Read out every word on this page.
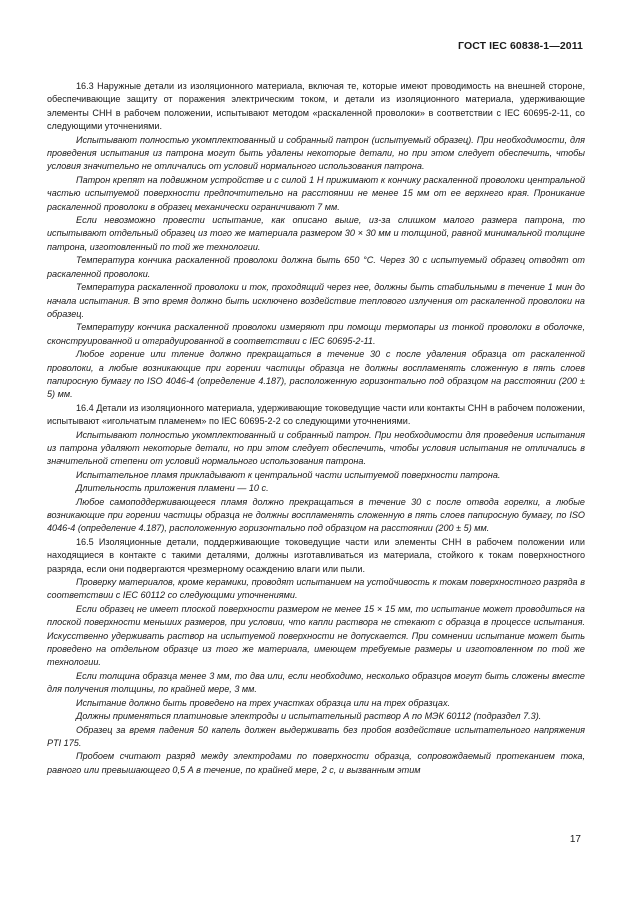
ГОСТ IEC 60838-1—2011

16.3 Наружные детали из изоляционного материала, включая те, которые имеют проводимость на внешней стороне, обеспечивающие защиту от поражения электрическим током, и детали из изоляционного материала, удерживающие элементы СНН в рабочем положении, испытывают методом «раскаленной проволоки» в соответствии с IEC 60695-2-11, со следующими уточнениями.

Испытывают полностью укомплектованный и собранный патрон (испытуемый образец). При необходимости, для проведения испытания из патрона могут быть удалены некоторые детали, но при этом следует обеспечить, чтобы условия значительно не отличались от условий нормального использования патрона.

Патрон крепят на подвижном устройстве и с силой 1 Н прижимают к кончику раскаленной проволоки центральной частью испытуемой поверхности предпочтительно на расстоянии не менее 15 мм от ее верхнего края. Проникание раскаленной проволоки в образец механически ограничивают 7 мм.

Если невозможно провести испытание, как описано выше, из-за слишком малого размера патрона, то испытывают отдельный образец из того же материала размером 30 × 30 мм и толщиной, равной минимальной толщине патрона, изготовленный по той же технологии.

Температура кончика раскаленной проволоки должна быть 650 °С. Через 30 с испытуемый образец отводят от раскаленной проволоки.

Температура раскаленной проволоки и ток, проходящий через нее, должны быть стабильными в течение 1 мин до начала испытания. В это время должно быть исключено воздействие теплового излучения от раскаленной проволоки на образец.

Температуру кончика раскаленной проволоки измеряют при помощи термопары из тонкой проволоки в оболочке, сконструированной и отградуированной в соответствии с IEC 60695-2-11.

Любое горение или тление должно прекращаться в течение 30 с после удаления образца от раскаленной проволоки, а любые возникающие при горении частицы образца не должны воспламенять сложенную в пять слоев папиросную бумагу по ISO 4046-4 (определение 4.187), расположенную горизонтально под образцом на расстоянии (200 ± 5) мм.

16.4 Детали из изоляционного материала, удерживающие токоведущие части или контакты СНН в рабочем положении, испытывают «игольчатым пламенем» по IEC 60695-2-2 со следующими уточнениями.

Испытывают полностью укомплектованный и собранный патрон. При необходимости для проведения испытания из патрона удаляют некоторые детали, но при этом следует обеспечить, чтобы условия испытания не отличались в значительной степени от условий нормального использования патрона.

Испытательное пламя прикладывают к центральной части испытуемой поверхности патрона.

Длительность приложения пламени — 10 с.

Любое самоподдерживающееся пламя должно прекращаться в течение 30 с после отвода горелки, а любые возникающие при горении частицы образца не должны воспламенять сложенную в пять слоев папиросную бумагу, по ISO 4046-4 (определение 4.187), расположенную горизонтально под образцом на расстоянии (200 ± 5) мм.

16.5 Изоляционные детали, поддерживающие токоведущие части или элементы СНН в рабочем положении или находящиеся в контакте с такими деталями, должны изготавливаться из материала, стойкого к токам поверхностного разряда, если они подвергаются чрезмерному осаждению влаги или пыли.

Проверку материалов, кроме керамики, проводят испытанием на устойчивость к токам поверхностного разряда в соответствии с IEC 60112 со следующими уточнениями.

Если образец не имеет плоской поверхности размером не менее 15 × 15 мм, то испытание может проводиться на плоской поверхности меньших размеров, при условии, что капли раствора не стекают с образца в процессе испытания. Искусственно удерживать раствор на испытуемой поверхности не допускается. При сомнении испытание может быть проведено на отдельном образце из того же материала, имеющем требуемые размеры и изготовленном по той же технологии.

Если толщина образца менее 3 мм, то два или, если необходимо, несколько образцов могут быть сложены вместе для получения толщины, по крайней мере, 3 мм.

Испытание должно быть проведено на трех участках образца или на трех образцах.

Должны применяться платиновые электроды и испытательный раствор А по МЭК 60112 (подраздел 7.3).

Образец за время падения 50 капель должен выдерживать без пробоя воздействие испытательного напряжения PTI 175.

Пробоем считают разряд между электродами по поверхности образца, сопровождаемый протеканием тока, равного или превышающего 0,5 А в течение, по крайней мере, 2 с, и вызванным этим

17
